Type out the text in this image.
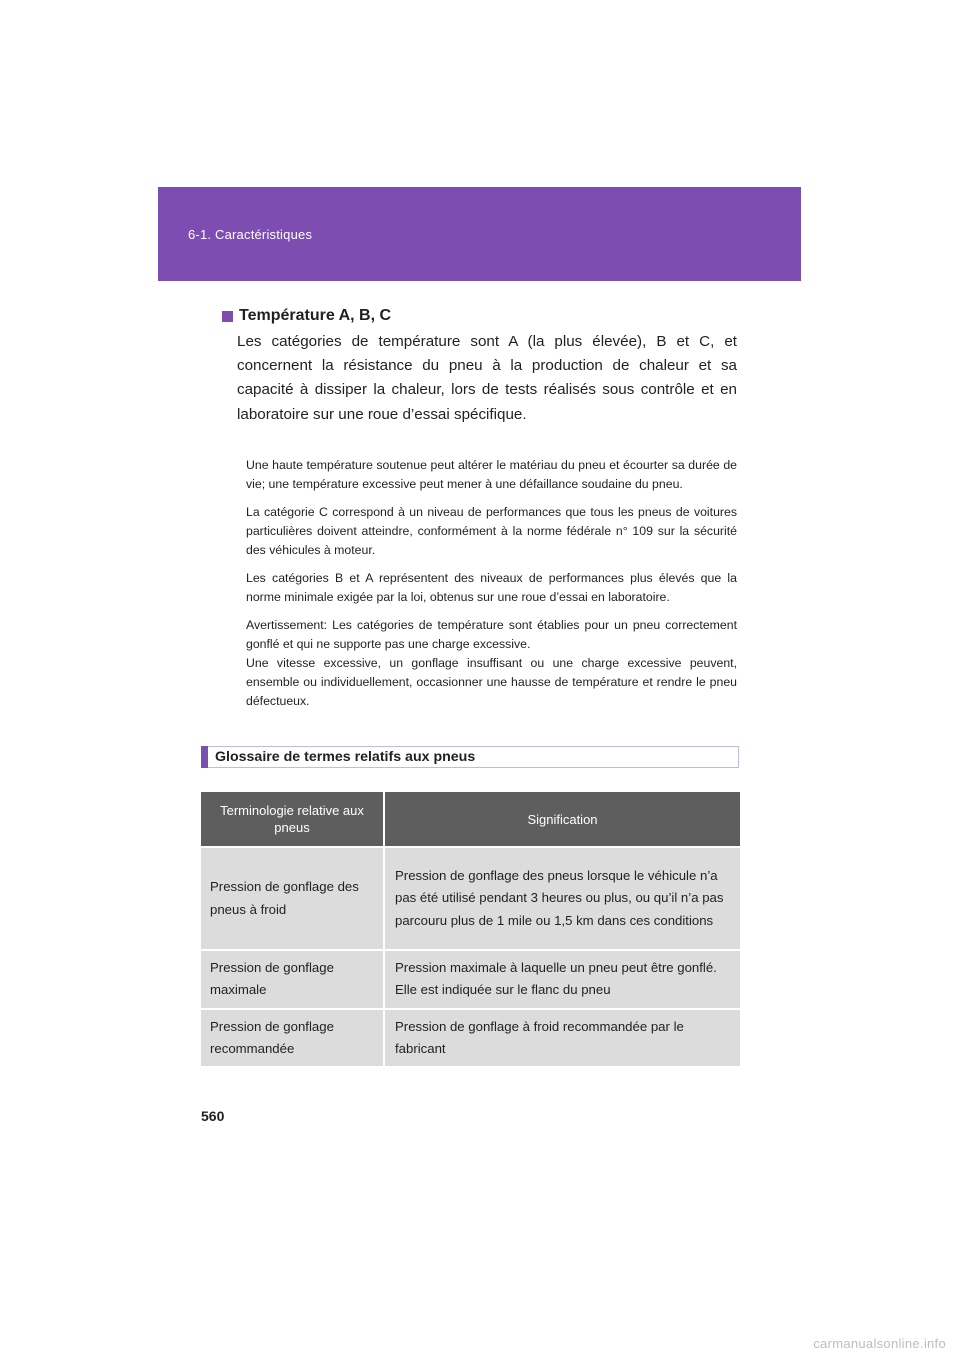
6-1. Caractéristiques
Température A, B, C

Les catégories de température sont A (la plus élevée), B et C, et concernent la résistance du pneu à la production de chaleur et sa capacité à dissiper la chaleur, lors de tests réalisés sous contrôle et en laboratoire sur une roue d’essai spécifique.

Une haute température soutenue peut altérer le matériau du pneu et écourter sa durée de vie; une température excessive peut mener à une défaillance soudaine du pneu.

La catégorie C correspond à un niveau de performances que tous les pneus de voitures particulières doivent atteindre, conformément à la norme fédérale n° 109 sur la sécurité des véhicules à moteur.

Les catégories B et A représentent des niveaux de performances plus élevés que la norme minimale exigée par la loi, obtenus sur une roue d’essai en laboratoire.

Avertissement: Les catégories de température sont établies pour un pneu correctement gonflé et qui ne supporte pas une charge excessive.

Une vitesse excessive, un gonflage insuffisant ou une charge excessive peuvent, ensemble ou individuellement, occasionner une hausse de température et rendre le pneu défectueux.

Glossaire de termes relatifs aux pneus
Terminologie relative aux pneus	Signification
Pression de gonflage des pneus à froid	Pression de gonflage des pneus lorsque le véhicule n’a pas été utilisé pendant 3 heures ou plus, ou qu’il n’a pas parcouru plus de 1 mile ou 1,5 km dans ces conditions
Pression de gonflage maximale	Pression maximale à laquelle un pneu peut être gonflé. Elle est indiquée sur le flanc du pneu
Pression de gonflage recommandée	Pression de gonflage à froid recommandée par le fabricant
560
carmanualsonline.info
